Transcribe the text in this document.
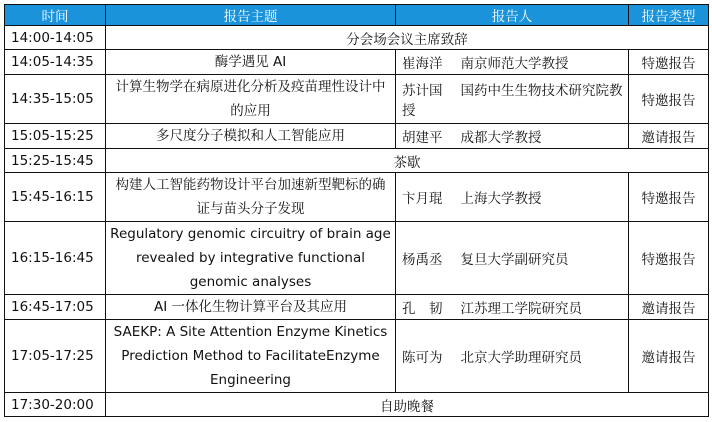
时间	报告主题	报告人	报告类型
14:00-14:05	分会场会议主席致辞		
14:05-14:35	酶学遇见 AI	崔海洋 南京师范大学教授	特邀报告
14:35-15:05	计算生物学在病原进化分析及疫苗理性设计中的应用	苏计国 国药中生生物技术研究院教授	特邀报告
15:05-15:25	多尺度分子模拟和人工智能应用	胡建平 成都大学教授	邀请报告
15:25-15:45	茶歇		
15:45-16:15	构建人工智能药物设计平台加速新型靶标的确证与苗头分子发现	卞月琨 上海大学教授	特邀报告
16:15-16:45	Regulatory genomic circuitry of brain age revealed by integrative functional genomic analyses	杨禹丞 复旦大学副研究员	特邀报告
16:45-17:05	AI 一体化生物计算平台及其应用	孔　韧 江苏理工学院研究员	邀请报告
17:05-17:25	SAEKP: A Site Attention Enzyme Kinetics Prediction Method to FacilitateEnzyme Engineering	陈可为 北京大学助理研究员	邀请报告
17:30-20:00	自助晚餐		
